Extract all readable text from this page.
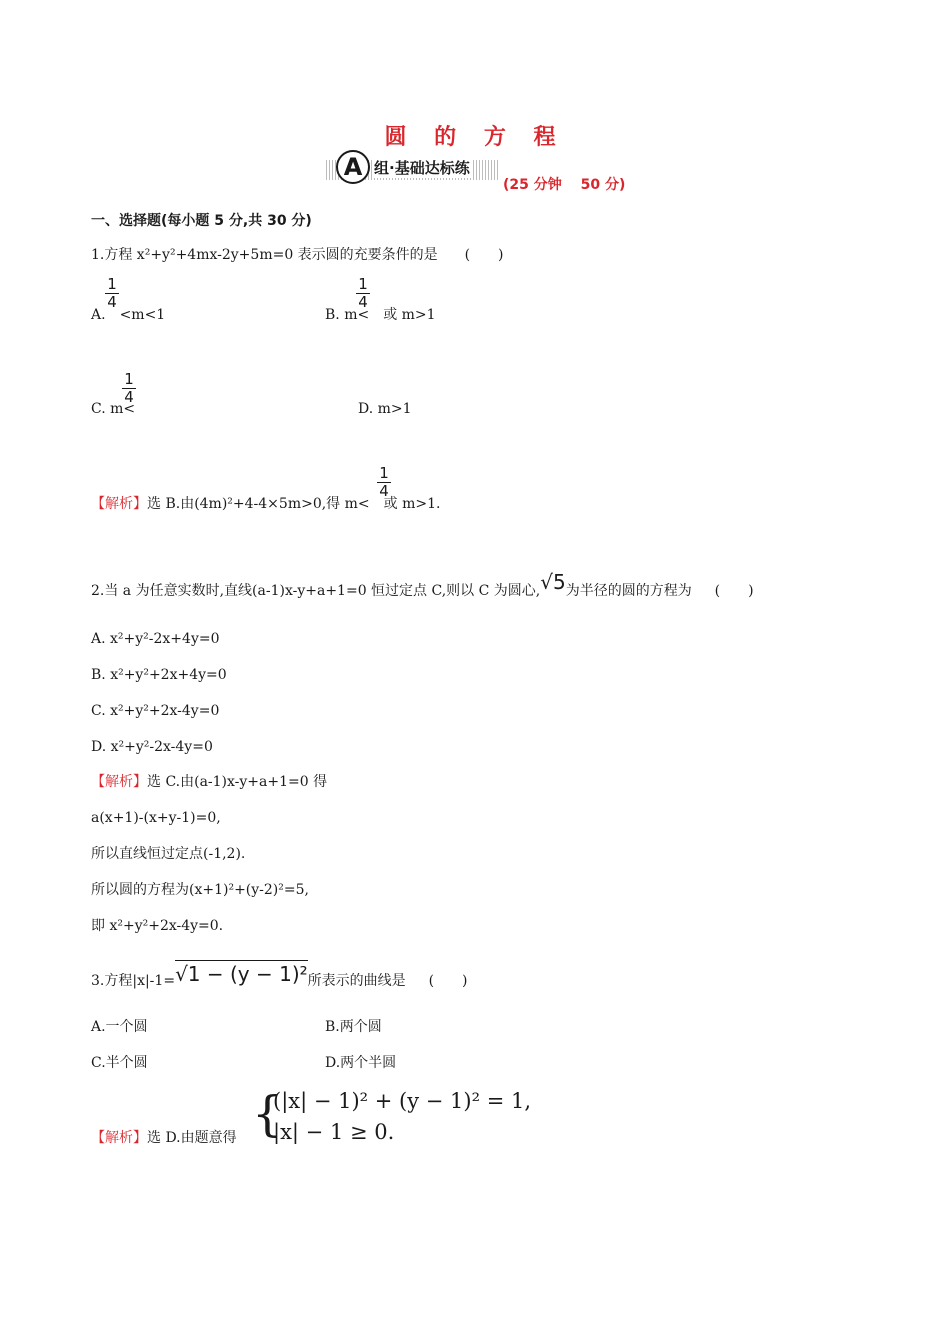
圆 的 方 程
A 组·基础达标练
(25 分钟　 50 分)
一、选择题(每小题 5 分,共 30 分)
1.方程 x²+y²+4mx-2y+5m=0 表示圆的充要条件的是 (　　)
$\frac{1}{4}$
A. <m<1
$\frac{1}{4}$
B. m< 或 m>1
$\frac{1}{4}$
C. m<	D. m>1
$\frac{1}{4}$
【解析】选 B.由(4m)²+4-4×5m>0,得 m< 或 m>1.
2.当 a 为任意实数时,直线(a-1)x-y+a+1=0 恒过定点 C,则以 C 为圆心,√5为半径的圆的方程为 (　　)
A. x²+y²-2x+4y=0
B. x²+y²+2x+4y=0
C. x²+y²+2x-4y=0
D. x²+y²-2x-4y=0
【解析】选 C.由(a-1)x-y+a+1=0 得
a(x+1)-(x+y-1)=0,
所以直线恒过定点(-1,2).
所以圆的方程为(x+1)²+(y-2)²=5,
即 x²+y²+2x-4y=0.
3.方程|x|-1=√1 − (y − 1)²所表示的曲线是 (　　)
A.一个圆	B.两个圆
C.半个圆	D.两个半圆
【解析】选 D.由题意得 {
(|x| − 1)² + (y − 1)² = 1,
|x| − 1 ≥ 0.
